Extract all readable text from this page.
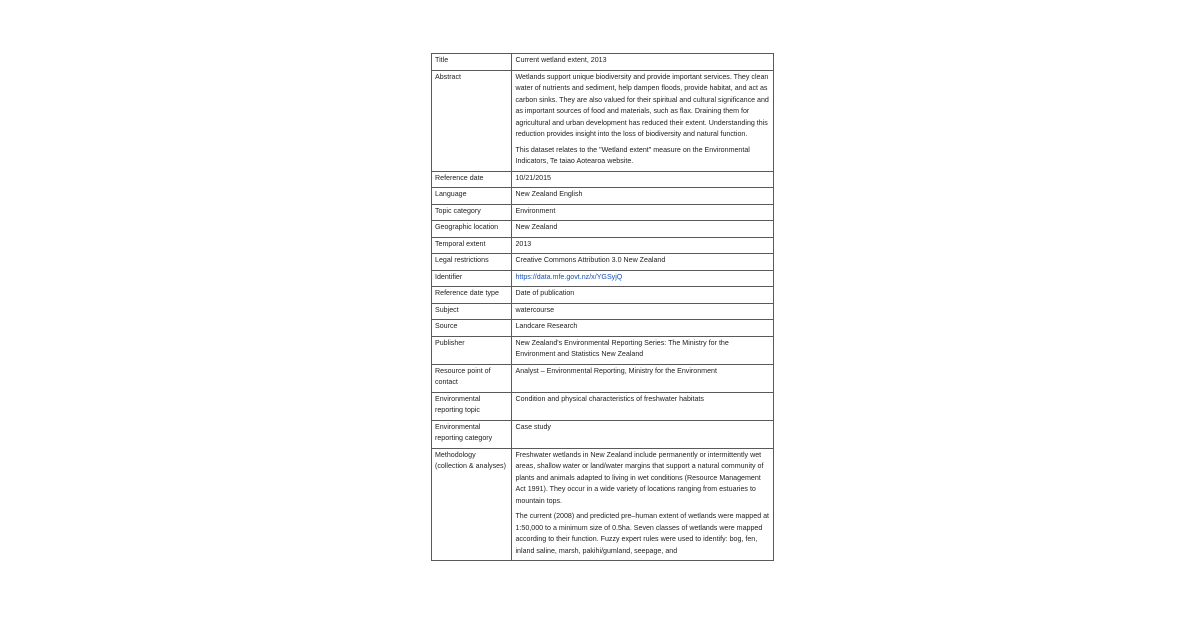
Title	Current wetland extent, 2013
Abstract	Wetlands support unique biodiversity and provide important services. They clean water of nutrients and sediment, help dampen floods, provide habitat, and act as carbon sinks. They are also valued for their spiritual and cultural significance and as important sources of food and materials, such as flax. Draining them for agricultural and urban development has reduced their extent. Understanding this reduction provides insight into the loss of biodiversity and natural function.

This dataset relates to the "Wetland extent" measure on the Environmental Indicators, Te taiao Aotearoa website.

Reference date	10/21/2015
Language	New Zealand English
Topic category	Environment
Geographic location	New Zealand
Temporal extent	2013
Legal restrictions	Creative Commons Attribution 3.0 New Zealand
Identifier	https://data.mfe.govt.nz/x/YGSyjQ
Reference date type	Date of publication
Subject	watercourse
Source	Landcare Research
Publisher	New Zealand's Environmental Reporting Series: The Ministry for the Environment and Statistics New Zealand
Resource point of contact	Analyst – Environmental Reporting, Ministry for the Environment
Environmental reporting topic	Condition and physical characteristics of freshwater habitats
Environmental reporting category	Case study
Methodology (collection & analyses)	Freshwater wetlands in New Zealand include permanently or intermittently wet areas, shallow water or land/water margins that support a natural community of plants and animals adapted to living in wet conditions (Resource Management Act 1991). They occur in a wide variety of locations ranging from estuaries to mountain tops.

The current (2008) and predicted pre–human extent of wetlands were mapped at 1:50,000 to a minimum size of 0.5ha. Seven classes of wetlands were mapped according to their function. Fuzzy expert rules were used to identify: bog, fen, inland saline, marsh, pakihi/gumland, seepage, and
